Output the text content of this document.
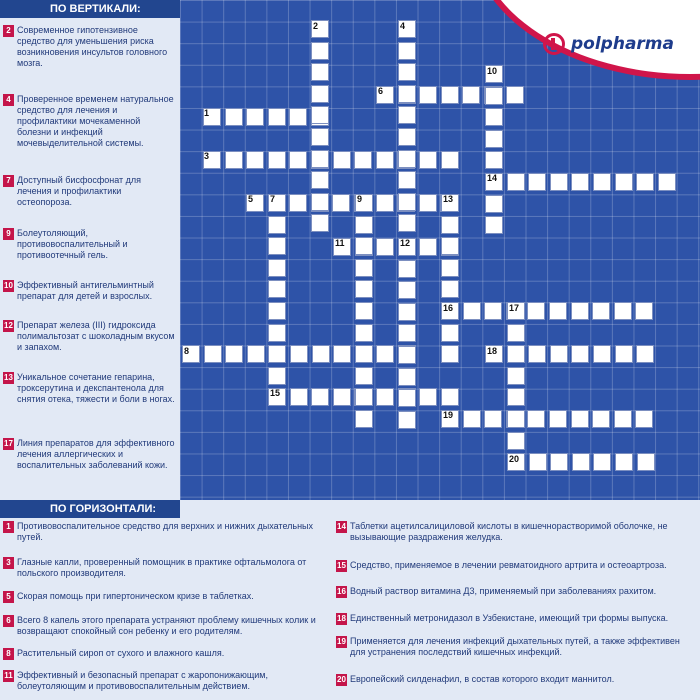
polpharma
ПО ВЕРТИКАЛИ:
2 Современное гипотензивное средство для уменьшения риска возникновения инсультов головного мозга.
4 Проверенное временем натуральное средство для лечения и профилактики мочекаменной болезни и инфекций мочевыделительной системы.
7 Доступный бисфосфонат для лечения и профилактики остеопороза.
9 Болеутоляющий, противовоспалительный и противоотечный гель.
10 Эффективный антигельминтный препарат для детей и взрослых.
12 Препарат железа (III) гидроксида полимальтозат с шоколадным вкусом и запахом.
13 Уникальное сочетание гепарина, троксерутина и декспантенола для снятия отека, тяжести и боли в ногах.
17 Линия препаратов для эффективного лечения аллергических и воспалительных заболеваний кожи.
ПО ГОРИЗОНТАЛИ:
1 Противовоспалительное средство для верхних и нижних дыхательных путей.
3 Глазные капли, проверенный помощник в практике офтальмолога от польского производителя.
5 Скорая помощь при гипертоническом кризе в таблетках.
6 Всего 8 капель этого препарата устраняют проблему кишечных колик и возвращают спокойный сон ребенку и его родителям.
8 Растительный сироп от сухого и влажного кашля.
11 Эффективный и безопасный препарат с жаропонижающим, болеутоляющим и противовоспалительным действием.
14 Таблетки ацетилсалициловой кислоты в кишечнорастворимой оболочке, не вызывающие раздражения желудка.
15 Средство, применяемое в лечении ревматоидного артрита и остеоартроза.
16 Водный раствор витамина Д3, применяемый при заболеваниях рахитом.
18 Единственный метронидазол в Узбекистане, имеющий три формы выпуска.
19 Применяется для лечения инфекций дыхательных путей, а также эффективен для устранения последствий кишечных инфекций.
20 Европейский силденафил, в состав которого входит маннитол.
1
2
3
4
5
6
7
8
9
10
11	12
13
14
15
16	17
18
19
20
